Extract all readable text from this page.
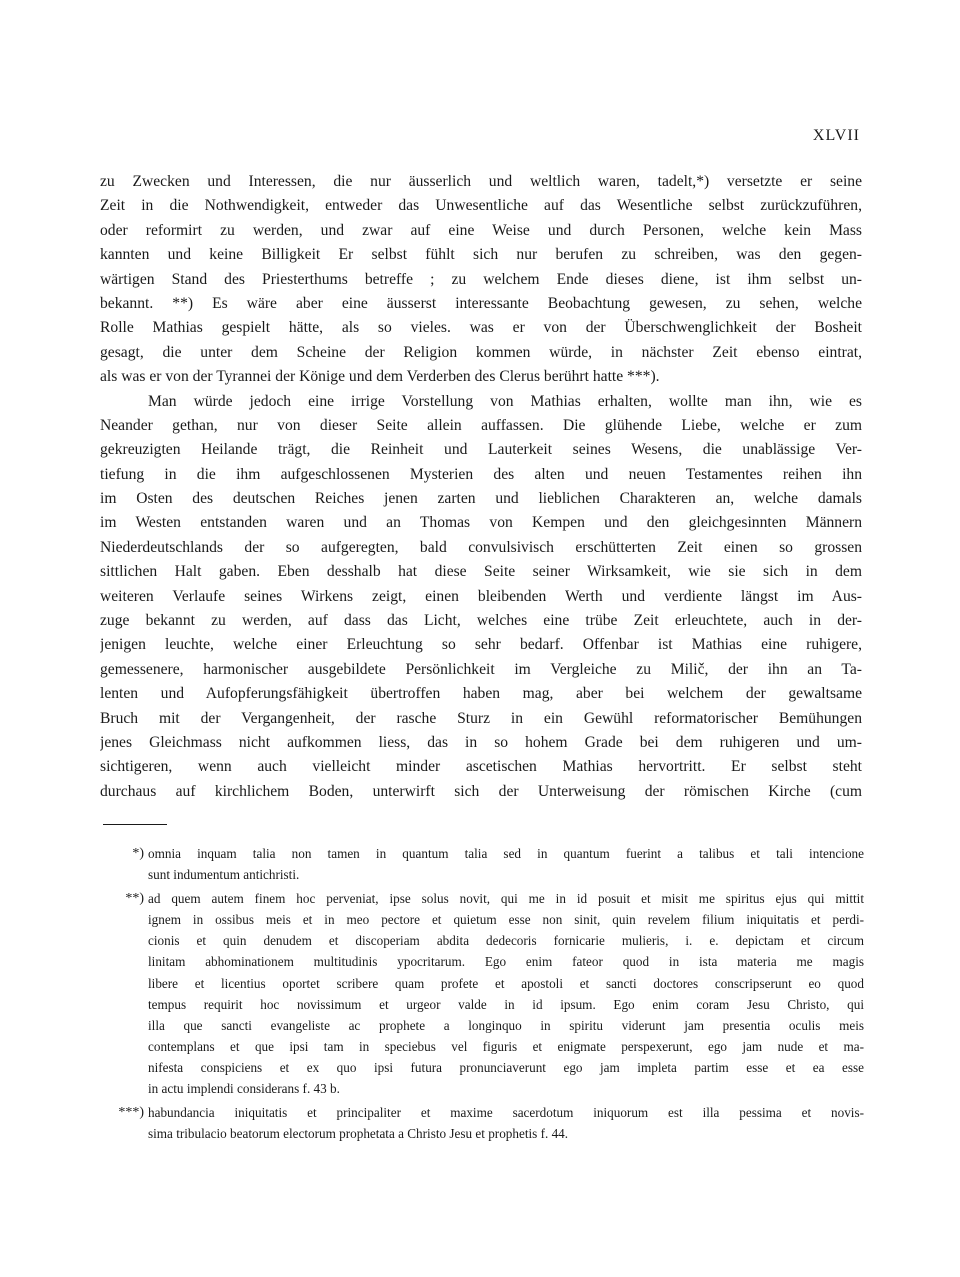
XLVII
zu Zwecken und Interessen, die nur äusserlich und weltlich waren, tadelt,*) versetzte er seine
Zeit in die Nothwendigkeit, entweder das Unwesentliche auf das Wesentliche selbst zurückzuführen,
oder reformirt zu werden, und zwar auf eine Weise und durch Personen, welche kein Mass
kannten und keine Billigkeit Er selbst fühlt sich nur berufen zu schreiben, was den gegen-
wärtigen Stand des Priesterthums betreffe ; zu welchem Ende dieses diene, ist ihm selbst un-
bekannt. **) Es wäre aber eine äusserst interessante Beobachtung gewesen, zu sehen, welche
Rolle Mathias gespielt hätte, als so vieles. was er von der Überschwenglichkeit der Bosheit
gesagt, die unter dem Scheine der Religion kommen würde, in nächster Zeit ebenso eintrat,
als was er von der Tyrannei der Könige und dem Verderben des Clerus berührt hatte ***).
Man würde jedoch eine irrige Vorstellung von Mathias erhalten, wollte man ihn, wie es
Neander gethan, nur von dieser Seite allein auffassen. Die glühende Liebe, welche er zum
gekreuzigten Heilande trägt, die Reinheit und Lauterkeit seines Wesens, die unablässige Ver-
tiefung in die ihm aufgeschlossenen Mysterien des alten und neuen Testamentes reihen ihn
im Osten des deutschen Reiches jenen zarten und lieblichen Charakteren an, welche damals
im Westen entstanden waren und an Thomas von Kempen und den gleichgesinnten Männern
Niederdeutschlands der so aufgeregten, bald convulsivisch erschütterten Zeit einen so grossen
sittlichen Halt gaben. Eben desshalb hat diese Seite seiner Wirksamkeit, wie sie sich in dem
weiteren Verlaufe seines Wirkens zeigt, einen bleibenden Werth und verdiente längst im Aus-
zuge bekannt zu werden, auf dass das Licht, welches eine trübe Zeit erleuchtete, auch in der-
jenigen leuchte, welche einer Erleuchtung so sehr bedarf. Offenbar ist Mathias eine ruhigere,
gemessenere, harmonischer ausgebildete Persönlichkeit im Vergleiche zu Milič, der ihn an Ta-
lenten und Aufopferungsfähigkeit übertroffen haben mag, aber bei welchem der gewaltsame
Bruch mit der Vergangenheit, der rasche Sturz in ein Gewühl reformatorischer Bemühungen
jenes Gleichmass nicht aufkommen liess, das in so hohem Grade bei dem ruhigeren und um-
sichtigeren, wenn auch vielleicht minder ascetischen Mathias hervortritt. Er selbst steht
durchaus auf kirchlichem Boden, unterwirft sich der Unterweisung der römischen Kirche (cum
*) omnia inquam talia non tamen in quantum talia sed in quantum fuerint a talibus et tali intencione
sunt indumentum antichristi.
**) ad quem autem finem hoc perveniat, ipse solus novit, qui me in id posuit et misit me spiritus ejus qui mittit
ignem in ossibus meis et in meo pectore et quietum esse non sinit, quin revelem filium iniquitatis et perdi-
cionis et quin denudem et discoperiam abdita dedecoris fornicarie mulieris, i. e. depictam et circum
linitam abhominationem multitudinis ypocritarum. Ego enim fateor quod in ista materia me magis
libere et licentius oportet scribere quam profete et apostoli et sancti doctores conscripserunt eo quod
tempus requirit hoc novissimum et urgeor valde in id ipsum. Ego enim coram Jesu Christo, qui
illa que sancti evangeliste ac prophete a longinquo in spiritu viderunt jam presentia oculis meis
contemplans et que ipsi tam in speciebus vel figuris et enigmate perspexerunt, ego jam nude et ma-
nifesta conspiciens et ex quo ipsi futura pronunciaverunt ego jam impleta partim esse et ea esse
in actu implendi considerans f. 43 b.
***) habundancia iniquitatis et principaliter et maxime sacerdotum iniquorum est illa pessima et novis-
sima tribulacio beatorum electorum prophetata a Christo Jesu et prophetis f. 44.
